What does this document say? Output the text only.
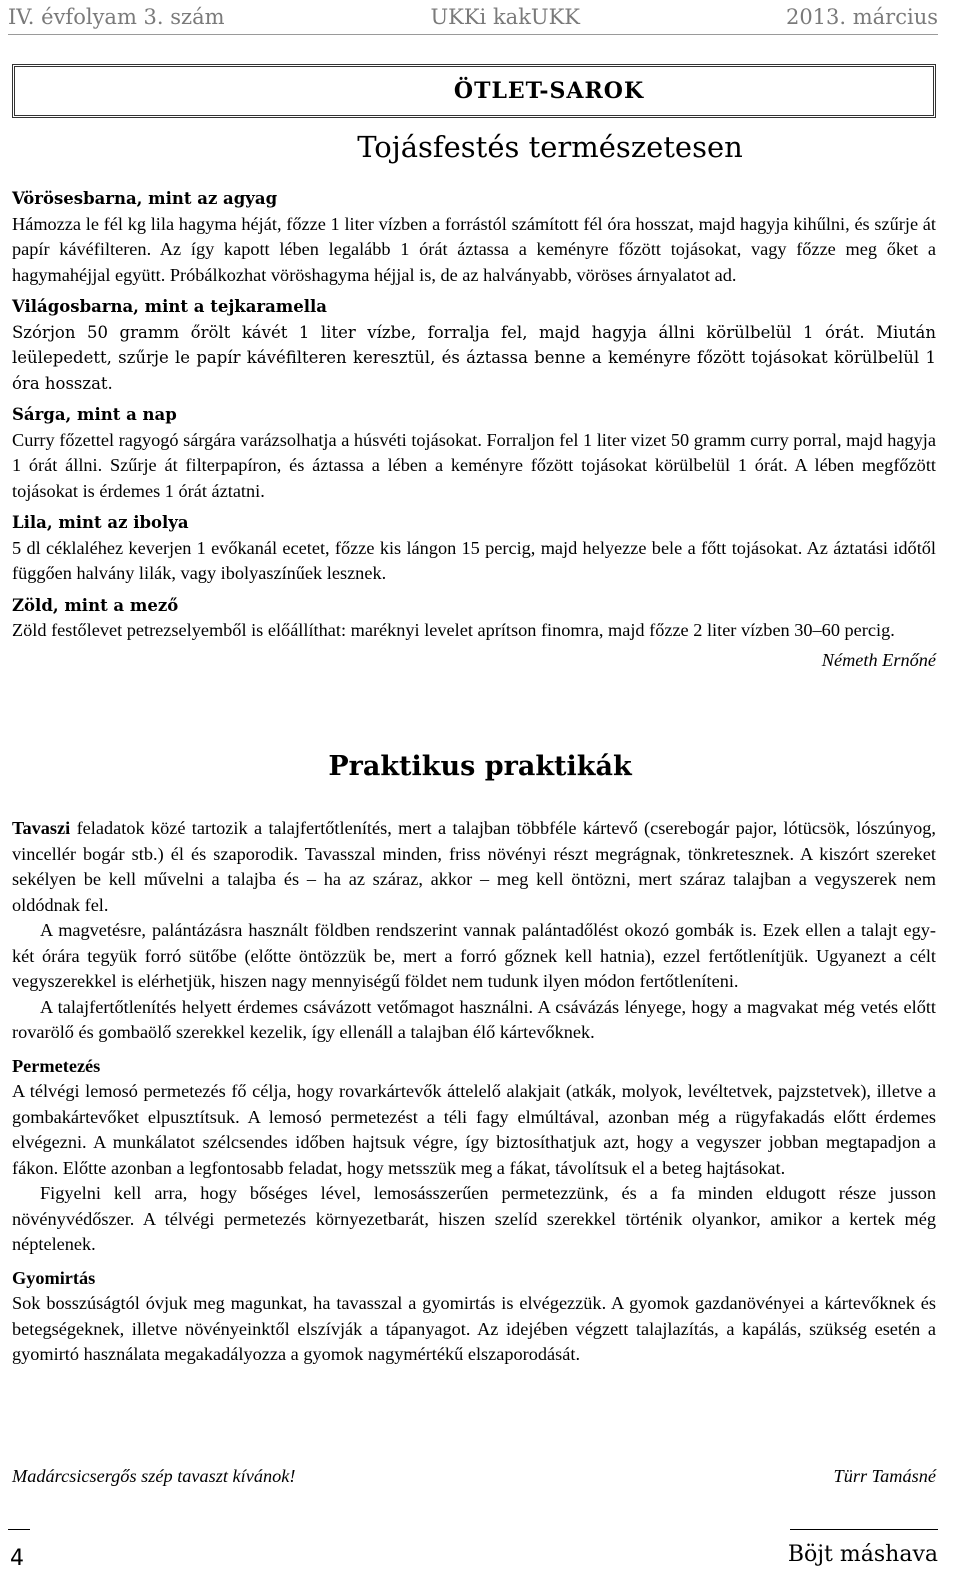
IV. évfolyam 3. szám	UKKi kakUKK	2013. március
ÖTLET-SAROK
Tojásfestés természetesen
Vörösesbarna, mint az agyag

Hámozza le fél kg lila hagyma héját, főzze 1 liter vízben a forrástól számított fél óra hosszat, majd hagyja kihűlni, és szűrje át papír kávéfilteren. Az így kapott lében legalább 1 órát áztassa a keményre főzött tojásokat, vagy főzze meg őket a hagymahéjjal együtt. Próbálkozhat vöröshagyma héjjal is, de az halványabb, vöröses árnyalatot ad.

Világosbarna, mint a tejkaramella

Szórjon 50 gramm őrölt kávét 1 liter vízbe, forralja fel, majd hagyja állni körülbelül 1 órát. Miután leülepedett, szűrje le papír kávéfilteren keresztül, és áztassa benne a keményre főzött tojásokat körülbelül 1 óra hosszat.

Sárga, mint a nap

Curry főzettel ragyogó sárgára varázsolhatja a húsvéti tojásokat. Forraljon fel 1 liter vizet 50 gramm curry porral, majd hagyja 1 órát állni. Szűrje át filterpapíron, és áztassa a lében a keményre főzött tojásokat körülbelül 1 órát. A lében megfőzött tojásokat is érdemes 1 órát áztatni.

Lila, mint az ibolya

5 dl céklaléhez keverjen 1 evőkanál ecetet, főzze kis lángon 15 percig, majd helyezze bele a főtt tojásokat. Az áztatási időtől függően halvány lilák, vagy ibolyaszínűek lesznek.

Zöld, mint a mező

Zöld festőlevet petrezselyemből is előállíthat: maréknyi levelet aprítson finomra, majd főzze 2 liter vízben 30–60 percig.

Németh Ernőné
Praktikus praktikák

Tavaszi feladatok közé tartozik a talajfertőtlenítés, mert a talajban többféle kártevő (cserebogár pajor, lótücsök, lószúnyog, vincellér bogár stb.) él és szaporodik. Tavasszal minden, friss növényi részt megrágnak, tönkretesznek. A kiszórt szereket sekélyen be kell művelni a talajba és – ha az száraz, akkor – meg kell öntözni, mert száraz talajban a vegyszerek nem oldódnak fel.

A magvetésre, palántázásra használt földben rendszerint vannak palántadőlést okozó gombák is. Ezek ellen a talajt egy-két órára tegyük forró sütőbe (előtte öntözzük be, mert a forró gőznek kell hatnia), ezzel fertőtlenítjük. Ugyanezt a célt vegyszerekkel is elérhetjük, hiszen nagy mennyiségű földet nem tudunk ilyen módon fertőtleníteni.

A talajfertőtlenítés helyett érdemes csávázott vetőmagot használni. A csávázás lényege, hogy a magvakat még vetés előtt rovarölő és gombaölő szerekkel kezelik, így ellenáll a talajban élő kártevőknek.

Permetezés

A télvégi lemosó permetezés fő célja, hogy rovarkártevők áttelelő alakjait (atkák, molyok, levéltetvek, pajzstetvek), illetve a gombakártevőket elpusztítsuk. A lemosó permetezést a téli fagy elmúltával, azonban még a rügyfakadás előtt érdemes elvégezni. A munkálatot szélcsendes időben hajtsuk végre, így biztosíthatjuk azt, hogy a vegyszer jobban megtapadjon a fákon. Előtte azonban a legfontosabb feladat, hogy metsszük meg a fákat, távolítsuk el a beteg hajtásokat.

Figyelni kell arra, hogy bőséges lével, lemosásszerűen permetezzünk, és a fa minden eldugott része jusson növényvédőszer. A télvégi permetezés környezetbarát, hiszen szelíd szerekkel történik olyankor, amikor a kertek még néptelenek.

Gyomirtás

Sok bosszúságtól óvjuk meg magunkat, ha tavasszal a gyomirtás is elvégezzük. A gyomok gazdanövényei a kártevőknek és betegségeknek, illetve növényeinktől elszívják a tápanyagot. Az idejében végzett talajlazítás, a kapálás, szükség esetén a gyomirtó használata megakadályozza a gyomok nagymértékű elszaporodását.

Madárcsicsergős szép tavaszt kívánok!	Türr Tamásné
4	Böjt máshava
